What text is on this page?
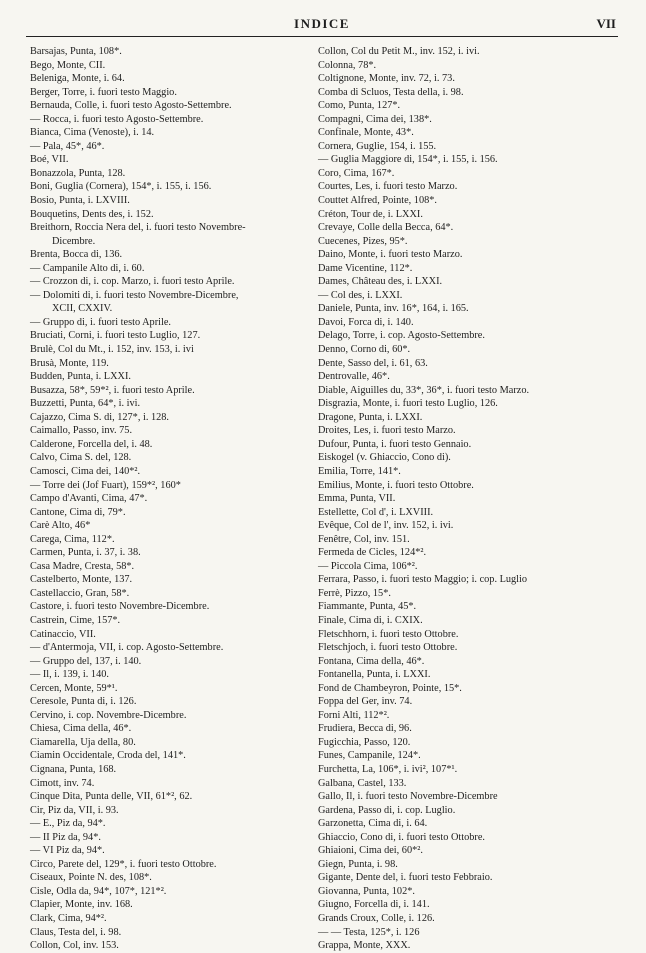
INDICE	VII
Barsajas, Punta, 108*.
Bego, Monte, CII.
Beleniga, Monte, i. 64.
Berger, Torre, i. fuori testo Maggio.
Bernauda, Colle, i. fuori testo Agosto-Settembre.
— Rocca, i. fuori testo Agosto-Settembre.
Bianca, Cima (Venoste), i. 14.
— Pala, 45*, 46*.
Boé, VII.
Bonazzola, Punta, 128.
Boni, Guglia (Cornera), 154*, i. 155, i. 156.
Bosio, Punta, i. LXVIII.
Bouquetins, Dents des, i. 152.
Breithorn, Roccia Nera del, i. fuori testo Novembre-
Dicembre.
Brenta, Bocca di, 136.
— Campanile Alto di, i. 60.
— Crozzon di, i. cop. Marzo, i. fuori testo Aprile.
— Dolomiti di, i. fuori testo Novembre-Dicembre,
XCII, CXXIV.
— Gruppo di, i. fuori testo Aprile.
Bruciati, Corni, i. fuori testo Luglio, 127.
Brulè, Col du Mt., i. 152, inv. 153, i. ivi
Brusà, Monte, 119.
Budden, Punta, i. LXXI.
Busazza, 58*, 59*², i. fuori testo Aprile.
Buzzetti, Punta, 64*, i. ivi.
Cajazzo, Cima S. di, 127*, i. 128.
Caimallo, Passo, inv. 75.
Calderone, Forcella del, i. 48.
Calvo, Cima S. del, 128.
Camosci, Cima dei, 140*².
— Torre dei (Jof Fuart), 159*², 160*
Campo d'Avanti, Cima, 47*.
Cantone, Cima di, 79*.
Carè Alto, 46*
Carega, Cima, 112*.
Carmen, Punta, i. 37, i. 38.
Casa Madre, Cresta, 58*.
Castelberto, Monte, 137.
Castellaccio, Gran, 58*.
Castore, i. fuori testo Novembre-Dicembre.
Castrein, Cime, 157*.
Catinaccio, VII.
— d'Antermoja, VII, i. cop. Agosto-Settembre.
— Gruppo del, 137, i. 140.
— Il, i. 139, i. 140.
Cercen, Monte, 59*¹.
Ceresole, Punta di, i. 126.
Cervino, i. cop. Novembre-Dicembre.
Chiesa, Cima della, 46*.
Ciamarella, Uja della, 80.
Ciamin Occidentale, Croda del, 141*.
Cignana, Punta, 168.
Cimott, inv. 74.
Cinque Dita, Punta delle, VII, 61*², 62.
Cir, Piz da, VII, i. 93.
— E., Piz da, 94*.
— II Piz da, 94*.
— VI Piz da, 94*.
Circo, Parete del, 129*, i. fuori testo Ottobre.
Ciseaux, Pointe N. des, 108*.
Cisle, Odla da, 94*, 107*, 121*².
Clapier, Monte, inv. 168.
Clark, Cima, 94*².
Claus, Testa del, i. 98.
Collon, Col, inv. 153.
Collon, Col du Petit M., inv. 152, i. ivi.
Colonna, 78*.
Coltignone, Monte, inv. 72, i. 73.
Comba di Scluos, Testa della, i. 98.
Como, Punta, 127*.
Compagni, Cima dei, 138*.
Confinale, Monte, 43*.
Cornera, Guglie, 154, i. 155.
— Guglia Maggiore di, 154*, i. 155, i. 156.
Coro, Cima, 167*.
Courtes, Les, i. fuori testo Marzo.
Couttet Alfred, Pointe, 108*.
Créton, Tour de, i. LXXI.
Crevaye, Colle della Becca, 64*.
Cuecenes, Pizes, 95*.
Daino, Monte, i. fuori testo Marzo.
Dame Vicentine, 112*.
Dames, Château des, i. LXXI.
— Col des, i. LXXI.
Daniele, Punta, inv. 16*, 164, i. 165.
Davoi, Forca di, i. 140.
Delago, Torre, i. cop. Agosto-Settembre.
Denno, Corno di, 60*.
Dente, Sasso del, i. 61, 63.
Dentrovalle, 46*.
Diable, Aiguilles du, 33*, 36*, i. fuori testo Marzo.
Disgrazia, Monte, i. fuori testo Luglio, 126.
Dragone, Punta, i. LXXI.
Droites, Les, i. fuori testo Marzo.
Dufour, Punta, i. fuori testo Gennaio.
Eiskogel (v. Ghiaccio, Cono di).
Emilia, Torre, 141*.
Emilius, Monte, i. fuori testo Ottobre.
Emma, Punta, VII.
Estellette, Col d', i. LXVIII.
Evêque, Col de l', inv. 152, i. ivi.
Fenêtre, Col, inv. 151.
Fermeda de Cicles, 124*².
— Piccola Cima, 106*².
Ferrara, Passo, i. fuori testo Maggio; i. cop. Luglio
Ferrè, Pizzo, 15*.
Fiammante, Punta, 45*.
Finale, Cima di, i. CXIX.
Fletschhorn, i. fuori testo Ottobre.
Fletschjoch, i. fuori testo Ottobre.
Fontana, Cima della, 46*.
Fontanella, Punta, i. LXXI.
Fond de Chambeyron, Pointe, 15*.
Foppa del Ger, inv. 74.
Forni Alti, 112*².
Frudiera, Becca di, 96.
Fugicchia, Passo, 120.
Funes, Campanile, 124*.
Furchetta, La, 106*, i. ivi², 107*¹.
Galbana, Castel, 133.
Gallo, Il, i. fuori testo Novembre-Dicembre
Gardena, Passo di, i. cop. Luglio.
Garzonetta, Cima di, i. 64.
Ghiaccio, Cono di, i. fuori testo Ottobre.
Ghiaioni, Cima dei, 60*².
Giegn, Punta, i. 98.
Gigante, Dente del, i. fuori testo Febbraio.
Giovanna, Punta, 102*.
Giugno, Forcella di, i. 141.
Grands Croux, Colle, i. 126.
— — Testa, 125*, i. 126
Grappa, Monte, XXX.
